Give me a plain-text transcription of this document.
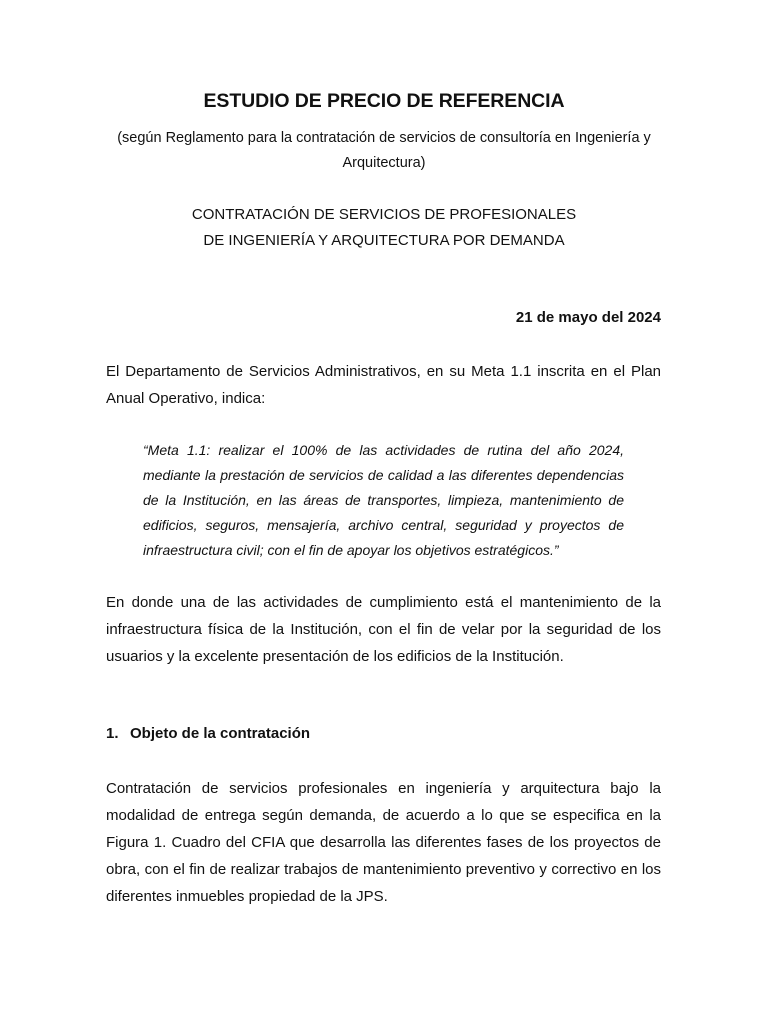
ESTUDIO DE PRECIO DE REFERENCIA
(según Reglamento para la contratación de servicios de consultoría en Ingeniería y Arquitectura)
CONTRATACIÓN DE SERVICIOS DE PROFESIONALES
DE INGENIERÍA Y ARQUITECTURA POR DEMANDA
21 de mayo del 2024

El Departamento de Servicios Administrativos, en su Meta 1.1 inscrita en el Plan Anual Operativo, indica:

“Meta 1.1: realizar el 100% de las actividades de rutina del año 2024, mediante la prestación de servicios de calidad a las diferentes dependencias de la Institución, en las áreas de transportes, limpieza, mantenimiento de edificios, seguros, mensajería, archivo central, seguridad y proyectos de infraestructura civil; con el fin de apoyar los objetivos estratégicos.”

En donde una de las actividades de cumplimiento está el mantenimiento de la infraestructura física de la Institución, con el fin de velar por la seguridad de los usuarios y la excelente presentación de los edificios de la Institución.

1. Objeto de la contratación

Contratación de servicios profesionales en ingeniería y arquitectura bajo la modalidad de entrega según demanda, de acuerdo a lo que se especifica en la Figura 1. Cuadro del CFIA que desarrolla las diferentes fases de los proyectos de obra, con el fin de realizar trabajos de mantenimiento preventivo y correctivo en los diferentes inmuebles propiedad de la JPS.
